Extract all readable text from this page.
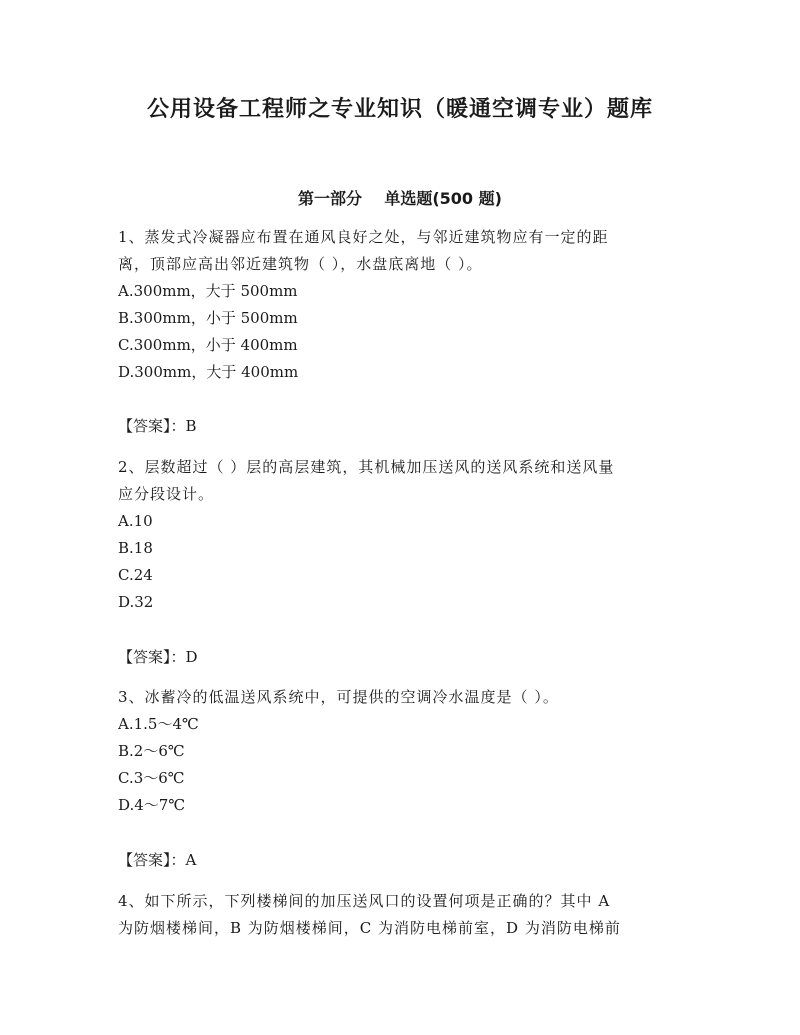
公用设备工程师之专业知识（暖通空调专业）题库
第一部分    单选题(500 题)
1、蒸发式冷凝器应布置在通风良好之处，与邻近建筑物应有一定的距
离，顶部应高出邻近建筑物（ ），水盘底离地（ ）。
A.300mm，大于 500mm
B.300mm，小于 500mm
C.300mm，小于 400mm
D.300mm，大于 400mm
【答案】：B
2、层数超过（ ）层的高层建筑，其机械加压送风的送风系统和送风量
应分段设计。
A.10
B.18
C.24
D.32
【答案】：D
3、冰蓄冷的低温送风系统中，可提供的空调冷水温度是（ ）。
A.1.5～4℃
B.2～6℃
C.3～6℃
D.4～7℃
【答案】：A
4、如下所示，下列楼梯间的加压送风口的设置何项是正确的？其中 A
为防烟楼梯间，B 为防烟楼梯间，C 为消防电梯前室，D 为消防电梯前
